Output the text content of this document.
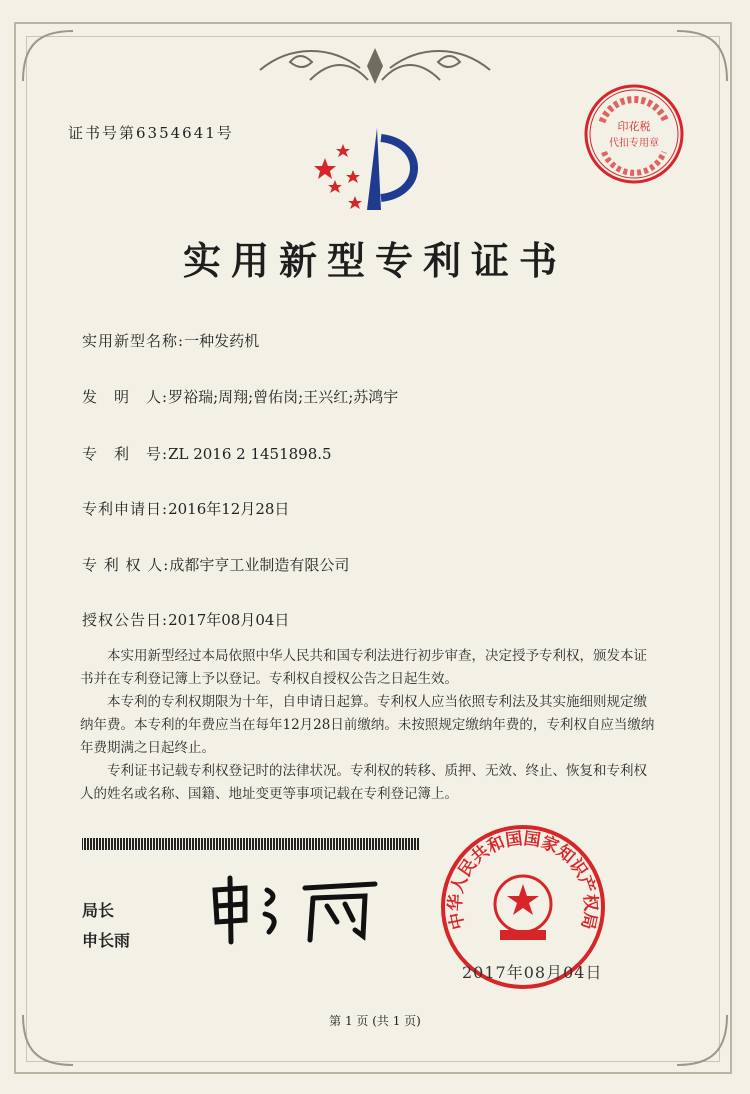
印花税
代扣专用章
证书号第6354641号
实用新型专利证书
实用新型名称:一种发药机
发　明　人:罗裕瑞;周翔;曾佑岗;王兴红;苏鸿宇
专　利　号:ZL 2016 2 1451898.5
专利申请日:2016年12月28日
专 利 权 人:成都宇亨工业制造有限公司
授权公告日:2017年08月04日

本实用新型经过本局依照中华人民共和国专利法进行初步审查，决定授予专利权，颁发本证书并在专利登记簿上予以登记。专利权自授权公告之日起生效。

本专利的专利权期限为十年，自申请日起算。专利权人应当依照专利法及其实施细则规定缴纳年费。本专利的年费应当在每年12月28日前缴纳。未按照规定缴纳年费的，专利权自应当缴纳年费期满之日起终止。

专利证书记载专利权登记时的法律状况。专利权的转移、质押、无效、终止、恢复和专利权人的姓名或名称、国籍、地址变更等事项记载在专利登记簿上。

局长
申长雨
中华人民共和国国家知识产权局
2017年08月04日
第 1 页 (共 1 页)
